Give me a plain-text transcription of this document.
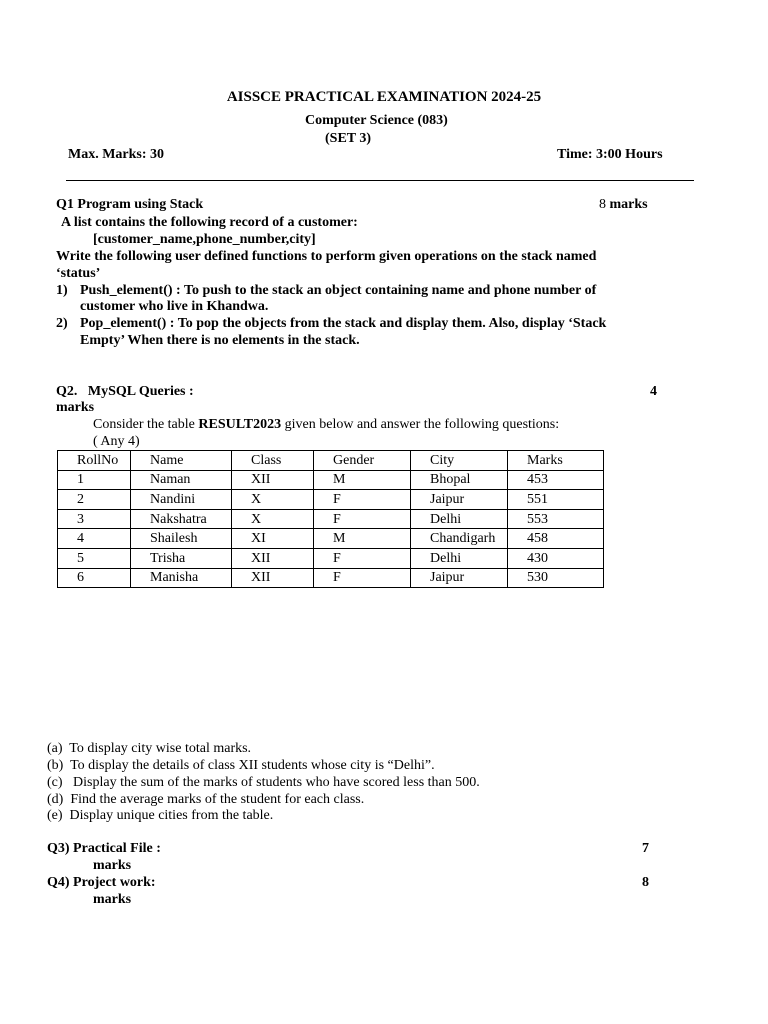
AISSCE PRACTICAL EXAMINATION 2024-25
Computer Science (083)
(SET 3)
Max. Marks: 30	Time: 3:00 Hours
Q1 Program using Stack	8 marks
A list contains the following record of a customer:
[customer_name,phone_number,city]
Write the following user defined functions to perform given operations on the stack named
‘status’
1) Push_element() : To push to the stack an object containing name and phone number of
customer who live in Khandwa.
2) Pop_element() : To pop the objects from the stack and display them. Also, display ‘Stack
Empty’ When there is no elements in the stack.
Q2.   MySQL Queries :	4
marks
Consider the table RESULT2023 given below and answer the following questions:
( Any 4)
RollNo	Name	Class	Gender	City	Marks
1	Naman	XII	M	Bhopal	453
2	Nandini	X	F	Jaipur	551
3	Nakshatra	X	F	Delhi	553
4	Shailesh	XI	M	Chandigarh	458
5	Trisha	XII	F	Delhi	430
6	Manisha	XII	F	Jaipur	530
(a)  To display city wise total marks.
(b)  To display the details of class XII students whose city is “Delhi”.
(c)   Display the sum of the marks of students who have scored less than 500.
(d)  Find the average marks of the student for each class.
(e)  Display unique cities from the table.
Q3) Practical File :	7
marks
Q4) Project work:	8
marks
